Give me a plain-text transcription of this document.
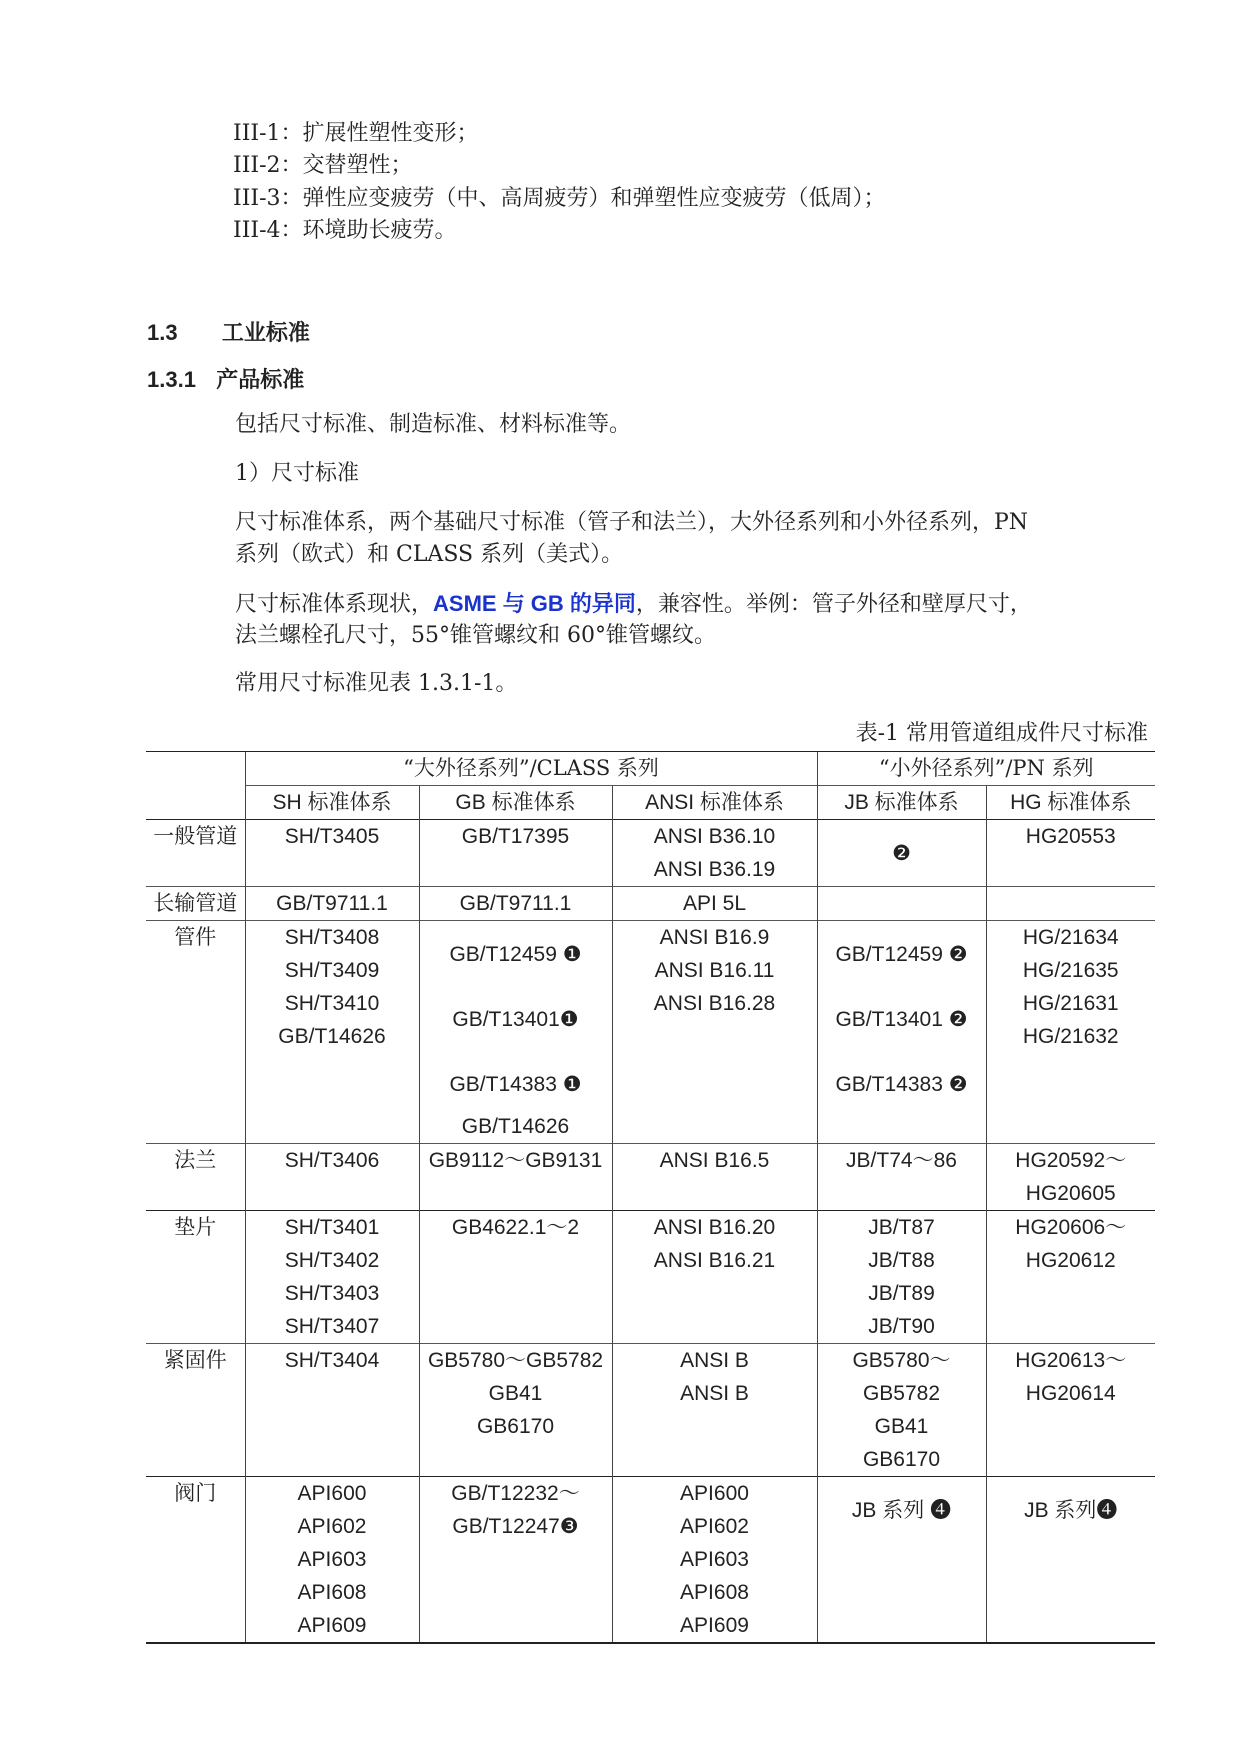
III-1：扩展性塑性变形；
III-2：交替塑性；
III-3：弹性应变疲劳（中、高周疲劳）和弹塑性应变疲劳（低周）；
III-4：环境助长疲劳。
1.3 工业标准
1.3.1 产品标准
包括尺寸标准、制造标准、材料标准等。
1）尺寸标准
尺寸标准体系，两个基础尺寸标准（管子和法兰），大外径系列和小外径系列，PN
系列（欧式）和 CLASS 系列（美式）。
尺寸标准体系现状，ASME 与 GB 的异同，兼容性。举例：管子外径和壁厚尺寸，
法兰螺栓孔尺寸，55°锥管螺纹和 60°锥管螺纹。
常用尺寸标准见表 1.3.1-1。
表-1 常用管道组成件尺寸标准
	“大外径系列”/CLASS 系列			“小外径系列”/PN 系列	
	SH 标准体系	GB 标准体系	ANSI 标准体系	JB 标准体系	HG 标准体系
一般管道	SH/T3405	GB/T17395	ANSI B36.10
ANSI B36.19	❷	HG20553

长输管道	GB/T9711.1	GB/T9711.1	API 5L		

管件	SH/T3408
SH/T3409
SH/T3410
GB/T14626	GB/T12459 ❶
GB/T13401❶
GB/T14383 ❶
GB/T14626	ANSI B16.9
ANSI B16.11
ANSI B16.28	GB/T12459 ❷
GB/T13401 ❷
GB/T14383 ❷	HG/21634
HG/21635
HG/21631
HG/21632

法兰	SH/T3406	GB9112～GB9131	ANSI B16.5	JB/T74～86	HG20592～
HG20605

垫片	SH/T3401
SH/T3402
SH/T3403
SH/T3407	GB4622.1～2	ANSI B16.20
ANSI B16.21	JB/T87
JB/T88
JB/T89
JB/T90	HG20606～
HG20612

紧固件	SH/T3404	GB5780～GB5782
GB41
GB6170	ANSI B
ANSI B	GB5780～
GB5782
GB41
GB6170	HG20613～
HG20614

阀门	API600
API602
API603
API608
API609	GB/T12232～
GB/T12247❸	API600
API602
API603
API608
API609	JB 系列 ❹	JB 系列❹
